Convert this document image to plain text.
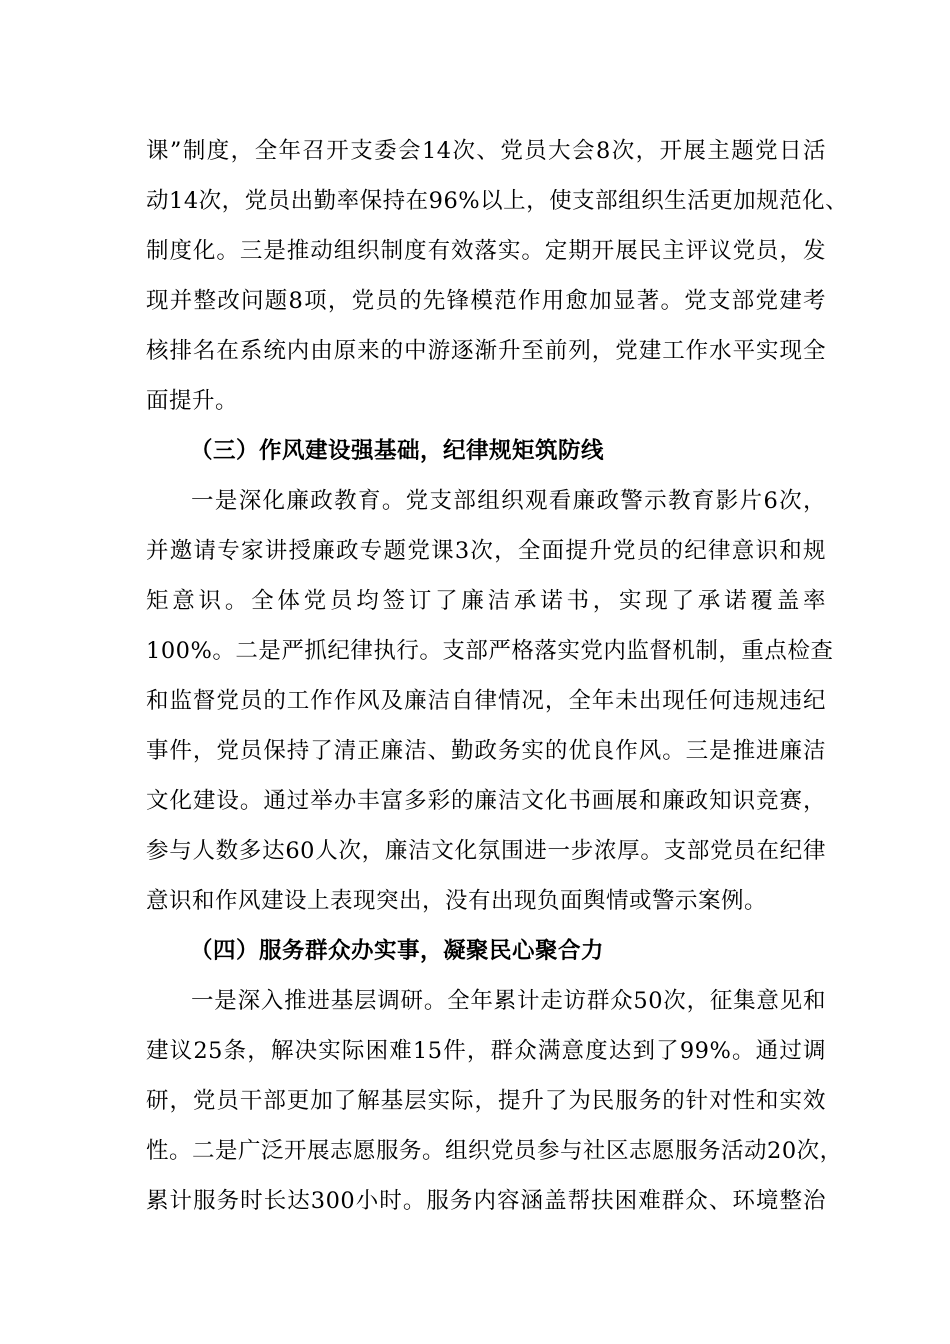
课”制度，全年召开支委会14次、党员大会8次，开展主题党日活
动14次，党员出勤率保持在96%以上，使支部组织生活更加规范化、
制度化。三是推动组织制度有效落实。定期开展民主评议党员，发
现并整改问题8项，党员的先锋模范作用愈加显著。党支部党建考
核排名在系统内由原来的中游逐渐升至前列，党建工作水平实现全
面提升。
（三）作风建设强基础，纪律规矩筑防线
一是深化廉政教育。党支部组织观看廉政警示教育影片6次，
并邀请专家讲授廉政专题党课3次，全面提升党员的纪律意识和规
矩意识。全体党员均签订了廉洁承诺书，实现了承诺覆盖率
100%。二是严抓纪律执行。支部严格落实党内监督机制，重点检查
和监督党员的工作作风及廉洁自律情况，全年未出现任何违规违纪
事件，党员保持了清正廉洁、勤政务实的优良作风。三是推进廉洁
文化建设。通过举办丰富多彩的廉洁文化书画展和廉政知识竞赛，
参与人数多达60人次，廉洁文化氛围进一步浓厚。支部党员在纪律
意识和作风建设上表现突出，没有出现负面舆情或警示案例。
（四）服务群众办实事，凝聚民心聚合力
一是深入推进基层调研。全年累计走访群众50次，征集意见和
建议25条，解决实际困难15件，群众满意度达到了99%。通过调
研，党员干部更加了解基层实际，提升了为民服务的针对性和实效
性。二是广泛开展志愿服务。组织党员参与社区志愿服务活动20次，
累计服务时长达300小时。服务内容涵盖帮扶困难群众、环境整治
